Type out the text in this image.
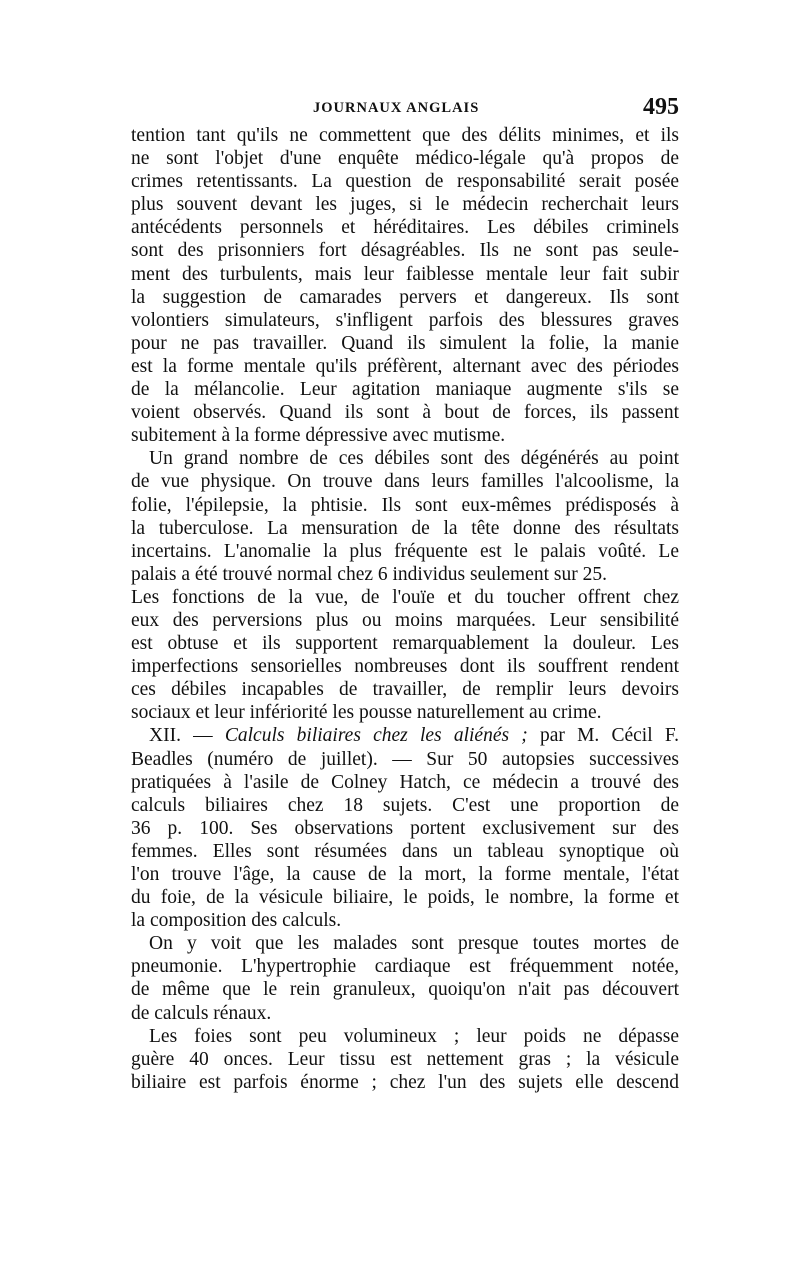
JOURNAUX ANGLAIS	495

tention tant qu'ils ne commettent que des délits minimes, et ils
ne sont l'objet d'une enquête médico-légale qu'à propos de
crimes retentissants. La question de responsabilité serait posée
plus souvent devant les juges, si le médecin recherchait leurs
antécédents personnels et héréditaires. Les débiles criminels
sont des prisonniers fort désagréables. Ils ne sont pas seule-
ment des turbulents, mais leur faiblesse mentale leur fait subir
la suggestion de camarades pervers et dangereux. Ils sont
volontiers simulateurs, s'infligent parfois des blessures graves
pour ne pas travailler. Quand ils simulent la folie, la manie
est la forme mentale qu'ils préfèrent, alternant avec des périodes
de la mélancolie. Leur agitation maniaque augmente s'ils se
voient observés. Quand ils sont à bout de forces, ils passent
subitement à la forme dépressive avec mutisme.

Un grand nombre de ces débiles sont des dégénérés au point
de vue physique. On trouve dans leurs familles l'alcoolisme, la
folie, l'épilepsie, la phtisie. Ils sont eux-mêmes prédisposés à
la tuberculose. La mensuration de la tête donne des résultats
incertains. L'anomalie la plus fréquente est le palais voûté. Le
palais a été trouvé normal chez 6 individus seulement sur 25.
Les fonctions de la vue, de l'ouïe et du toucher offrent chez
eux des perversions plus ou moins marquées. Leur sensibilité
est obtuse et ils supportent remarquablement la douleur. Les
imperfections sensorielles nombreuses dont ils souffrent rendent
ces débiles incapables de travailler, de remplir leurs devoirs
sociaux et leur infériorité les pousse naturellement au crime.

XII. — Calculs biliaires chez les aliénés ; par M. Cécil F.
Beadles (numéro de juillet). — Sur 50 autopsies successives
pratiquées à l'asile de Colney Hatch, ce médecin a trouvé des
calculs biliaires chez 18 sujets. C'est une proportion de
36 p. 100. Ses observations portent exclusivement sur des
femmes. Elles sont résumées dans un tableau synoptique où
l'on trouve l'âge, la cause de la mort, la forme mentale, l'état
du foie, de la vésicule biliaire, le poids, le nombre, la forme et
la composition des calculs.

On y voit que les malades sont presque toutes mortes de
pneumonie. L'hypertrophie cardiaque est fréquemment notée,
de même que le rein granuleux, quoiqu'on n'ait pas découvert
de calculs rénaux.

Les foies sont peu volumineux ; leur poids ne dépasse
guère 40 onces. Leur tissu est nettement gras ; la vésicule
biliaire est parfois énorme ; chez l'un des sujets elle descend
